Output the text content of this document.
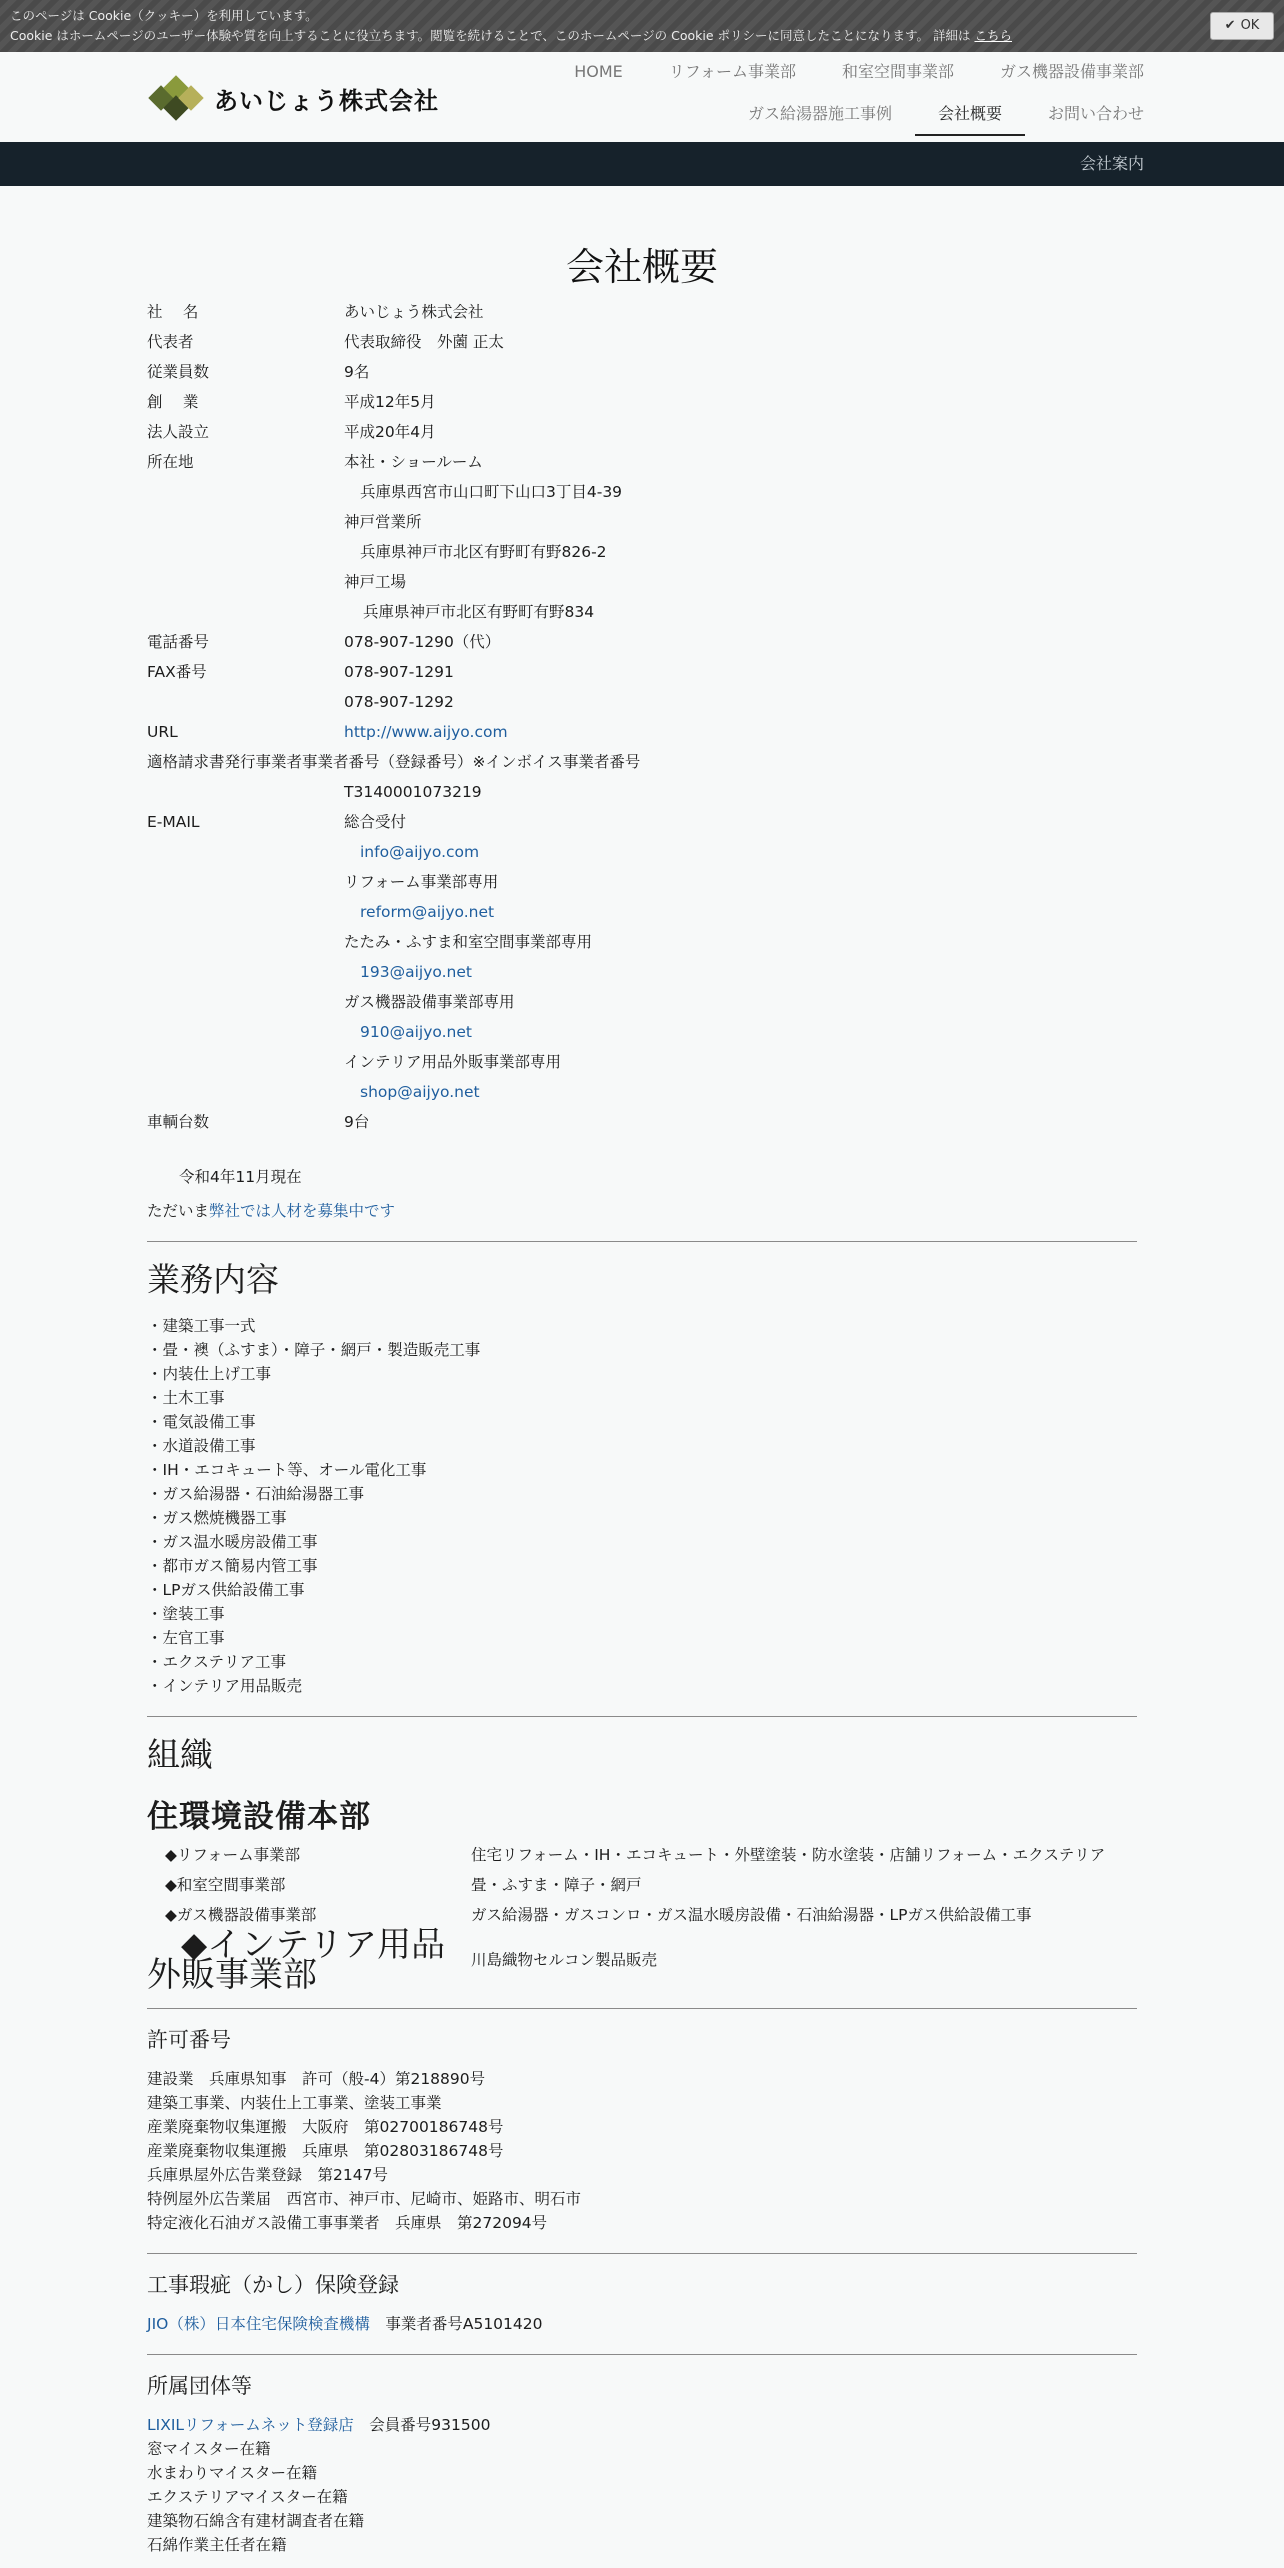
このページは Cookie（クッキー）を利用しています。
Cookie はホームページのユーザー体験や質を向上することに役立ちます。閲覧を続けることで、このホームページの Cookie ポリシーに同意したことになります。 詳細は こちら
✔ OK
あいじょう株式会社
HOME	リフォーム事業部	和室空間事業部	ガス機器設備事業部
ガス給湯器施工事例	会社概要	お問い合わせ
会社案内
会社概要
社　 名	あいじょう株式会社
代表者	代表取締役　外薗 正太
従業員数	9名
創　 業	平成12年5月
法人設立	平成20年4月
所在地	本社・ショールーム
	兵庫県西宮市山口町下山口3丁目4-39
	神戸営業所
	兵庫県神戸市北区有野町有野826-2
	神戸工場
	兵庫県神戸市北区有野町有野834
電話番号	078-907-1290（代）
FAX番号	078-907-1291
	078-907-1292
URL	http://www.aijyo.com
適格請求書発行事業者事業者番号（登録番号）※インボイス事業者番号	
	T3140001073219
E-MAIL	総合受付
	info@aijyo.com
	リフォーム事業部専用
	reform@aijyo.net
	たたみ・ふすま和室空間事業部専用
	193@aijyo.net
	ガス機器設備事業部専用
	910@aijyo.net
	インテリア用品外販事業部専用
	shop@aijyo.net
車輌台数	9台
令和4年11月現在
ただいま弊社では人材を募集中です
業務内容
・建築工事一式
・畳・襖（ふすま）・障子・網戸・製造販売工事
・内装仕上げ工事
・土木工事
・電気設備工事
・水道設備工事
・IH・エコキュート等、オール電化工事
・ガス給湯器・石油給湯器工事
・ガス燃焼機器工事
・ガス温水暖房設備工事
・都市ガス簡易内管工事
・LPガス供給設備工事
・塗装工事
・左官工事
・エクステリア工事
・インテリア用品販売
組織
住環境設備本部
◆リフォーム事業部	住宅リフォーム・IH・エコキュート・外壁塗装・防水塗装・店舗リフォーム・エクステリア
◆和室空間事業部	畳・ふすま・障子・網戸
◆ガス機器設備事業部	ガス給湯器・ガスコンロ・ガス温水暖房設備・石油給湯器・LPガス供給設備工事

◆インテリア用品
外販事業部	川島織物セルコン製品販売
許可番号
建設業　兵庫県知事　許可（般-4）第218890号
建築工事業、内装仕上工事業、塗装工事業
産業廃棄物収集運搬　大阪府　第02700186748号
産業廃棄物収集運搬　兵庫県　第02803186748号
兵庫県屋外広告業登録　第2147号
特例屋外広告業届　西宮市、神戸市、尼崎市、姫路市、明石市
特定液化石油ガス設備工事事業者　兵庫県　第272094号
工事瑕疵（かし）保険登録
JIO（株）日本住宅保険検査機構　事業者番号A5101420
所属団体等
LIXILリフォームネット登録店　会員番号931500
窓マイスター在籍
水まわりマイスター在籍
エクステリアマイスター在籍
建築物石綿含有建材調査者在籍
石綿作業主任者在籍
